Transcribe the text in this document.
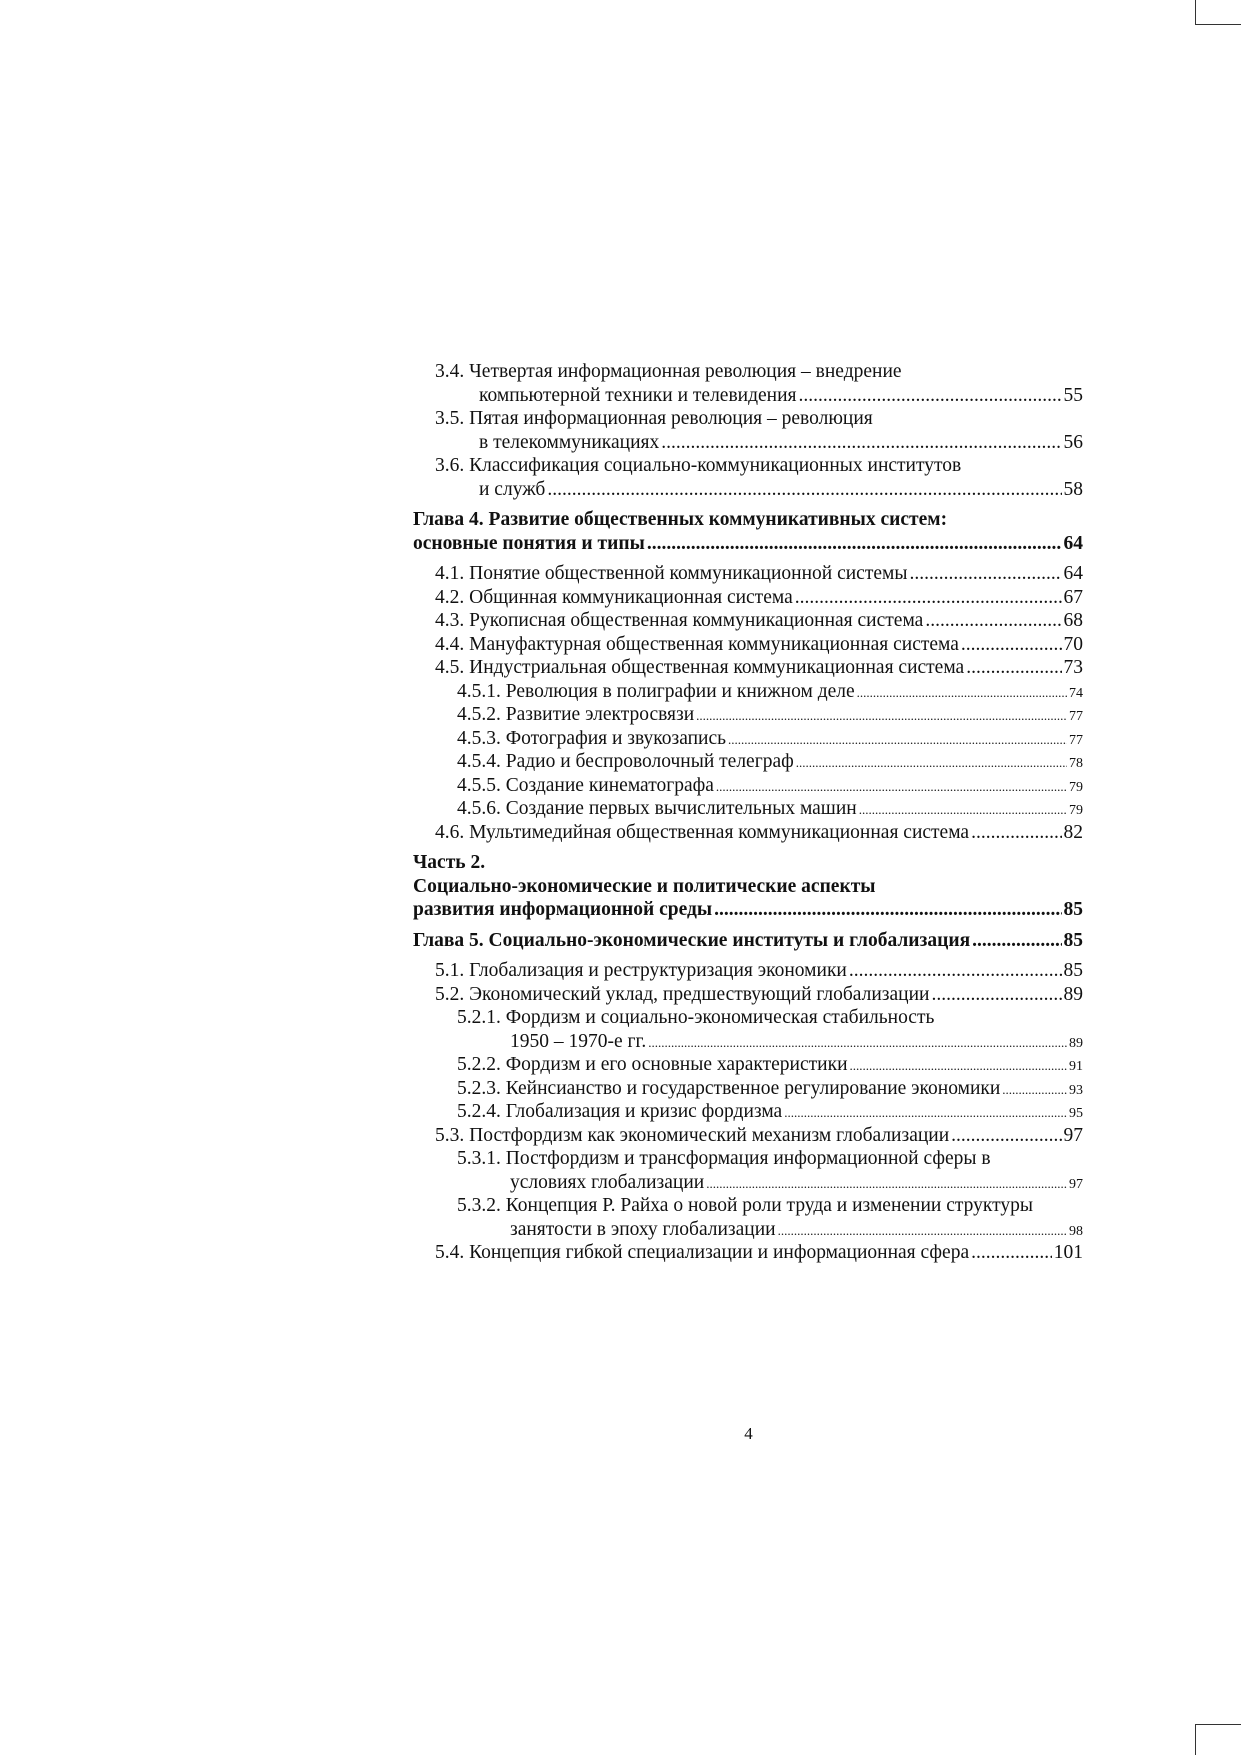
3.4. Четвертая информационная революция – внедрение
компьютерной техники и телевидения .....	55
3.5. Пятая информационная революция – революция
в телекоммуникациях .....	56
3.6. Классификация социально-коммуникационных институтов
и служб .....	58
Глава 4. Развитие общественных коммуникативных систем:
основные понятия и типы .....	64
4.1. Понятие общественной коммуникационной системы .....	64
4.2. Общинная коммуникационная система .....	67
4.3. Рукописная общественная коммуникационная система .....	68
4.4. Мануфактурная общественная коммуникационная система .....	70
4.5. Индустриальная общественная коммуникационная система .....	73
4.5.1. Революция в полиграфии и книжном деле .....	74
4.5.2. Развитие электросвязи .....	77
4.5.3. Фотография и звукозапись .....	77
4.5.4. Радио и беспроволочный телеграф .....	78
4.5.5. Создание кинематографа .....	79
4.5.6. Создание первых вычислительных машин .....	79
4.6. Мультимедийная общественная коммуникационная система .....	82
Часть 2.
Социально-экономические и политические аспекты
развития информационной среды .....	85
Глава 5. Социально-экономические институты и глобализация .....	85
5.1. Глобализация и реструктуризация экономики .....	85
5.2. Экономический уклад, предшествующий глобализации .....	89
5.2.1. Фордизм и социально-экономическая стабильность
1950 – 1970-е гг. .....	89
5.2.2. Фордизм и его основные характеристики .....	91
5.2.3. Кейнсианство и государственное регулирование экономики .....	93
5.2.4. Глобализация и кризис фордизма .....	95
5.3. Постфордизм как экономический механизм глобализации .....	97
5.3.1. Постфордизм и трансформация информационной сферы в
условиях глобализации .....	97
5.3.2. Концепция Р. Райха о новой роли труда и изменении структуры
занятости в эпоху глобализации .....	98
5.4. Концепция гибкой специализации и информационная сфера .....	101
4
